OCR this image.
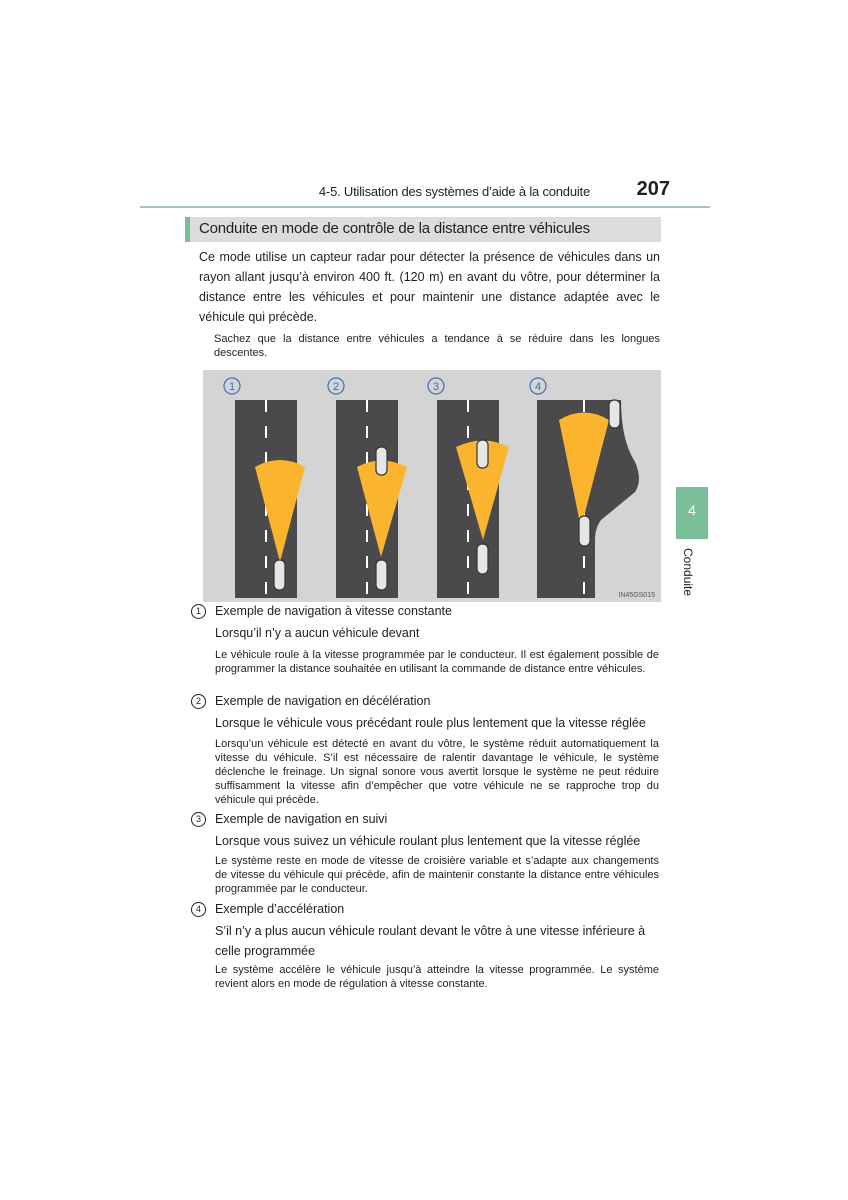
4-5. Utilisation des systèmes d’aide à la conduite 207
4
Conduite
Conduite en mode de contrôle de la distance entre véhicules
Ce mode utilise un capteur radar pour détecter la présence de véhicules dans un rayon allant jusqu’à environ 400 ft. (120 m) en avant du vôtre, pour déterminer la distance entre les véhicules et pour maintenir une distance adaptée avec le véhicule qui précède.
Sachez que la distance entre véhicules a tendance à se réduire dans les longues descentes.
1	2	3	4
IN45GS015
1	Exemple de navigation à vitesse constante
Lorsqu’il n’y a aucun véhicule devant
Le véhicule roule à la vitesse programmée par le conducteur. Il est également possible de programmer la distance souhaitée en utilisant la commande de distance entre véhicules.
2	Exemple de navigation en décélération
Lorsque le véhicule vous précédant roule plus lentement que la vitesse réglée
Lorsqu’un véhicule est détecté en avant du vôtre, le système réduit automatiquement la vitesse du véhicule. S’il est nécessaire de ralentir davantage le véhicule, le système déclenche le freinage. Un signal sonore vous avertit lorsque le système ne peut réduire suffisamment la vitesse afin d’empêcher que votre véhicule ne se rapproche trop du véhicule qui précède.
3	Exemple de navigation en suivi
Lorsque vous suivez un véhicule roulant plus lentement que la vitesse réglée
Le système reste en mode de vitesse de croisière variable et s’adapte aux changements de vitesse du véhicule qui précède, afin de maintenir constante la distance entre véhicules programmée par le conducteur.
4	Exemple d’accélération
S’il n’y a plus aucun véhicule roulant devant le vôtre à une vitesse inférieure à celle programmée
Le système accélère le véhicule jusqu’à atteindre la vitesse programmée. Le système revient alors en mode de régulation à vitesse constante.
